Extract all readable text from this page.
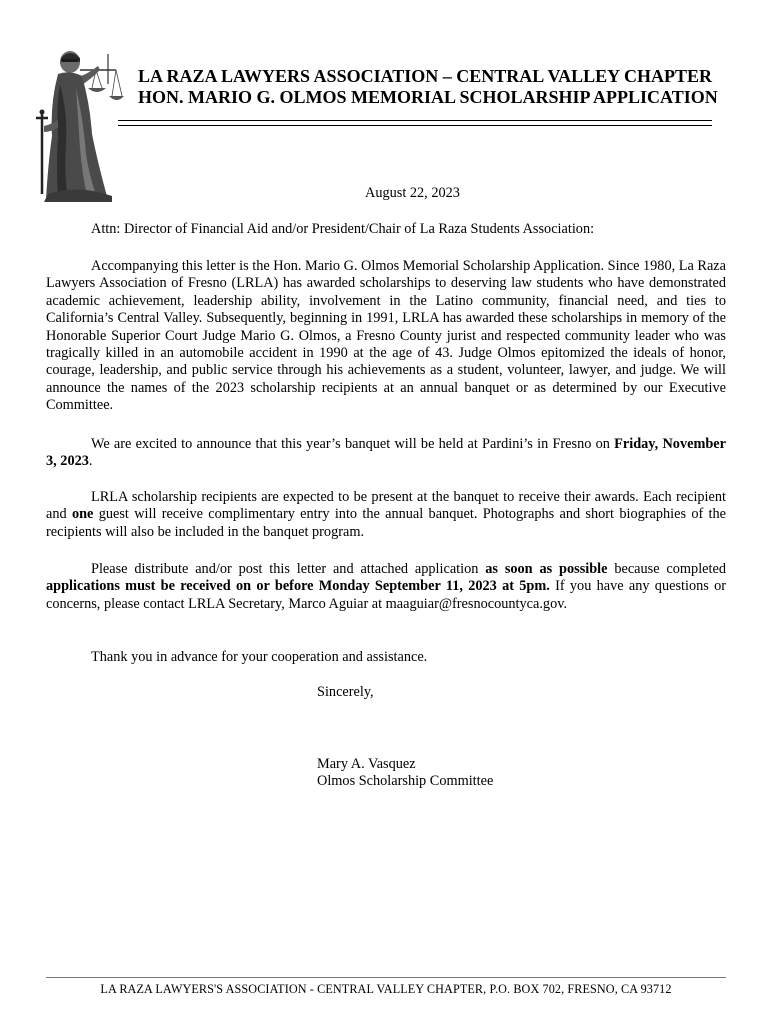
LA RAZA LAWYERS ASSOCIATION – CENTRAL VALLEY CHAPTER
HON. MARIO G. OLMOS MEMORIAL SCHOLARSHIP APPLICATION
August 22, 2023
Attn: Director of Financial Aid and/or President/Chair of La Raza Students Association:

Accompanying this letter is the Hon. Mario G. Olmos Memorial Scholarship Application. Since 1980, La Raza Lawyers Association of Fresno (LRLA) has awarded scholarships to deserving law students who have demonstrated academic achievement, leadership ability, involvement in the Latino community, financial need, and ties to California’s Central Valley. Subsequently, beginning in 1991, LRLA has awarded these scholarships in memory of the Honorable Superior Court Judge Mario G. Olmos, a Fresno County jurist and respected community leader who was tragically killed in an automobile accident in 1990 at the age of 43. Judge Olmos epitomized the ideals of honor, courage, leadership, and public service through his achievements as a student, volunteer, lawyer, and judge. We will announce the names of the 2023 scholarship recipients at an annual banquet or as determined by our Executive Committee.

We are excited to announce that this year’s banquet will be held at Pardini’s in Fresno on Friday, November 3, 2023.

LRLA scholarship recipients are expected to be present at the banquet to receive their awards. Each recipient and one guest will receive complimentary entry into the annual banquet. Photographs and short biographies of the recipients will also be included in the banquet program.

Please distribute and/or post this letter and attached application as soon as possible because completed applications must be received on or before Monday September 11, 2023 at 5pm. If you have any questions or concerns, please contact LRLA Secretary, Marco Aguiar at maaguiar@fresnocountyca.gov.

Thank you in advance for your cooperation and assistance.
Sincerely,
Mary A. Vasquez
Olmos Scholarship Committee
LA RAZA LAWYERS'S ASSOCIATION - CENTRAL VALLEY CHAPTER, P.O. BOX 702, FRESNO, CA 93712
